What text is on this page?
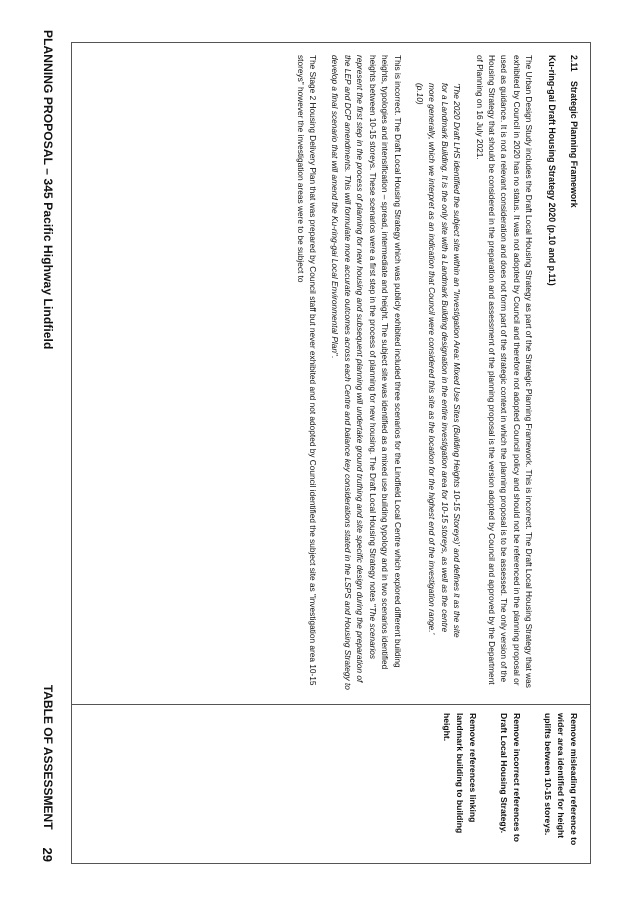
PLANNING PROPOSAL – 345 Pacific Highway Lindfield
TABLE OF ASSESSMENT
29
2.11
Strategic Planning Framework
Ku-ring-gai Draft Housing Strategy 2020 (p.10 and p.11)

The Urban Design Study includes the Draft Local Housing Strategy as part of the Strategic Planning Framework. This is incorrect. The Draft Local Housing Strategy that was exhibited by Council in 2020 has no status. It was not adopted by Council and therefore not adopted Council policy and should not be referenced in the planning proposal or used as guidance. It is not a relevant consideration and does not form part of the strategic context in which the planning proposal is to be assessed. The only version of the Housing Strategy that should be considered in the preparation and assessment of the planning proposal is the version adopted by Council and approved by the Department of Planning on 16 July 2021.

'The 2020 Draft LHS identified the subject site within an "Investigation Area: Mixed Use Sites (Building Heights 10-15 Storeys)' and defines it as the site for a Landmark Building. It is the only site with a Landmark Building designation in the entire investigation area for 10-15 storeys, as well as the centre more generally, which we interpret as an indication that Council were considered this site as the location for the highest end of the investigation range.' (p.10)

This is incorrect. The Draft Local Housing Strategy which was publicly exhibited included three scenarios for the Lindfield Local Centre which explored different building heights, typologies and intensification – spread, intermediate and height. The subject site was identified as a mixed use building typology and in two scenarios identified heights between 10-15 storeys. These scenarios were a first step in the process of planning for new housing. The Draft Local Housing Strategy notes "The scenarios represent the first step in the process of planning for new housing and subsequent planning will undertake ground truthing and site specific design during the preparation of the LEP and DCP amendments. This will formulate more accurate outcomes across each Centre and balance key considerations stated in the LSPS and Housing Strategy to develop a final scenario that will amend the Ku-ring-gai Local Environmental Plan".

The Stage 2 Housing Delivery Plan that was prepared by Council staff but never exhibited and not adopted by Council identified the subject site as "investigation area 10-15 storeys" however the investigation areas were to be subject to

Remove misleading reference to wider area identified for height uplifts between 10-15 storeys.
Remove incorrect references to Draft Local Housing Strategy.
Remove references linking landmark building to building height.
